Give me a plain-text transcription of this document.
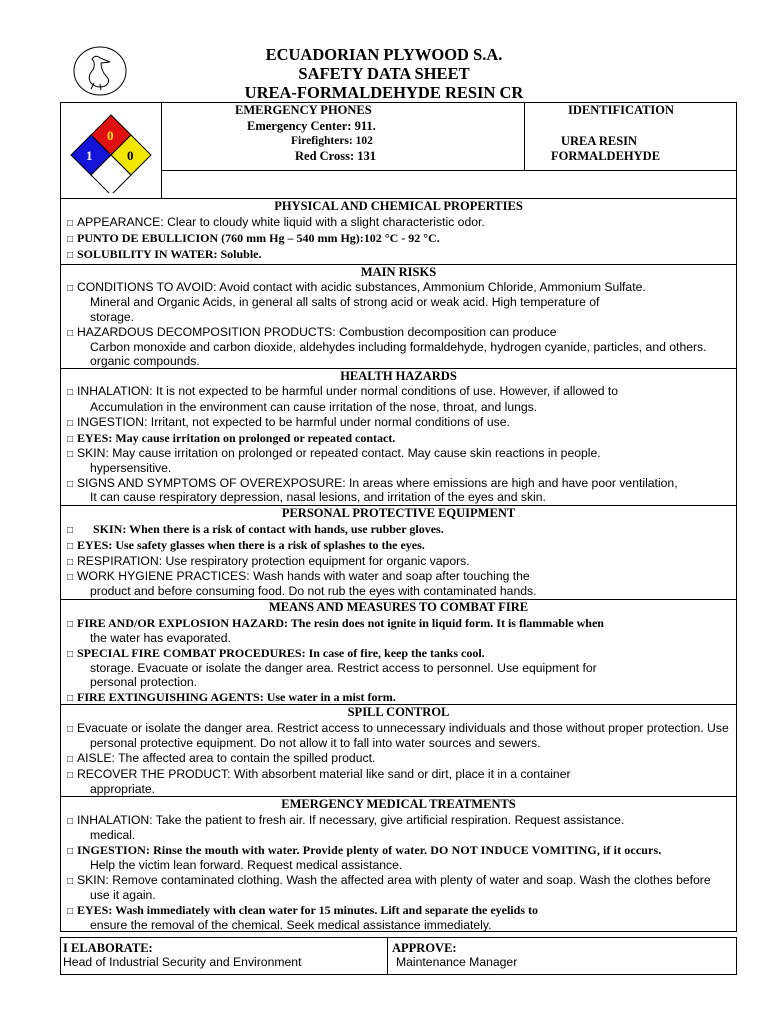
ECUADORIAN PLYWOOD S.A.
SAFETY DATA SHEET
UREA-FORMALDEHYDE RESIN CR
0
1	0
EMERGENCY PHONES
Emergency Center: 911.
Firefighters: 102
Red Cross: 131
IDENTIFICATION
UREA RESIN
FORMALDEHYDE
PHYSICAL AND CHEMICAL PROPERTIES
□ APPEARANCE: Clear to cloudy white liquid with a slight characteristic odor.
□ PUNTO DE EBULLICION (760 mm Hg – 540 mm Hg):102 °C - 92 °C.
□ SOLUBILITY IN WATER: Soluble.
MAIN RISKS
□ CONDITIONS TO AVOID: Avoid contact with acidic substances, Ammonium Chloride, Ammonium Sulfate.
Mineral and Organic Acids, in general all salts of strong acid or weak acid. High temperature of
storage.
□ HAZARDOUS DECOMPOSITION PRODUCTS: Combustion decomposition can produce
Carbon monoxide and carbon dioxide, aldehydes including formaldehyde, hydrogen cyanide, particles, and others.
organic compounds.
HEALTH HAZARDS
□ INHALATION: It is not expected to be harmful under normal conditions of use. However, if allowed to
Accumulation in the environment can cause irritation of the nose, throat, and lungs.
□ INGESTION: Irritant, not expected to be harmful under normal conditions of use.
□ EYES: May cause irritation on prolonged or repeated contact.
□ SKIN: May cause irritation on prolonged or repeated contact. May cause skin reactions in people.
hypersensitive.
□ SIGNS AND SYMPTOMS OF OVEREXPOSURE: In areas where emissions are high and have poor ventilation,
It can cause respiratory depression, nasal lesions, and irritation of the eyes and skin.
PERSONAL PROTECTIVE EQUIPMENT
□ SKIN: When there is a risk of contact with hands, use rubber gloves.
□ EYES: Use safety glasses when there is a risk of splashes to the eyes.
□ RESPIRATION: Use respiratory protection equipment for organic vapors.
□ WORK HYGIENE PRACTICES: Wash hands with water and soap after touching the
product and before consuming food. Do not rub the eyes with contaminated hands.
MEANS AND MEASURES TO COMBAT FIRE
□ FIRE AND/OR EXPLOSION HAZARD: The resin does not ignite in liquid form. It is flammable when
the water has evaporated.
□ SPECIAL FIRE COMBAT PROCEDURES: In case of fire, keep the tanks cool.
storage. Evacuate or isolate the danger area. Restrict access to personnel. Use equipment for
personal protection.
□ FIRE EXTINGUISHING AGENTS: Use water in a mist form.
SPILL CONTROL
□ Evacuate or isolate the danger area. Restrict access to unnecessary individuals and those without proper protection. Use
personal protective equipment. Do not allow it to fall into water sources and sewers.
□ AISLE: The affected area to contain the spilled product.
□ RECOVER THE PRODUCT: With absorbent material like sand or dirt, place it in a container
appropriate.
EMERGENCY MEDICAL TREATMENTS
□ INHALATION: Take the patient to fresh air. If necessary, give artificial respiration. Request assistance.
medical.
□ INGESTION: Rinse the mouth with water. Provide plenty of water. DO NOT INDUCE VOMITING, if it occurs.
Help the victim lean forward. Request medical assistance.
□ SKIN: Remove contaminated clothing. Wash the affected area with plenty of water and soap. Wash the clothes before
use it again.
□ EYES: Wash immediately with clean water for 15 minutes. Lift and separate the eyelids to
ensure the removal of the chemical. Seek medical assistance immediately.
I ELABORATE:
Head of Industrial Security and Environment
APPROVE:
Maintenance Manager
